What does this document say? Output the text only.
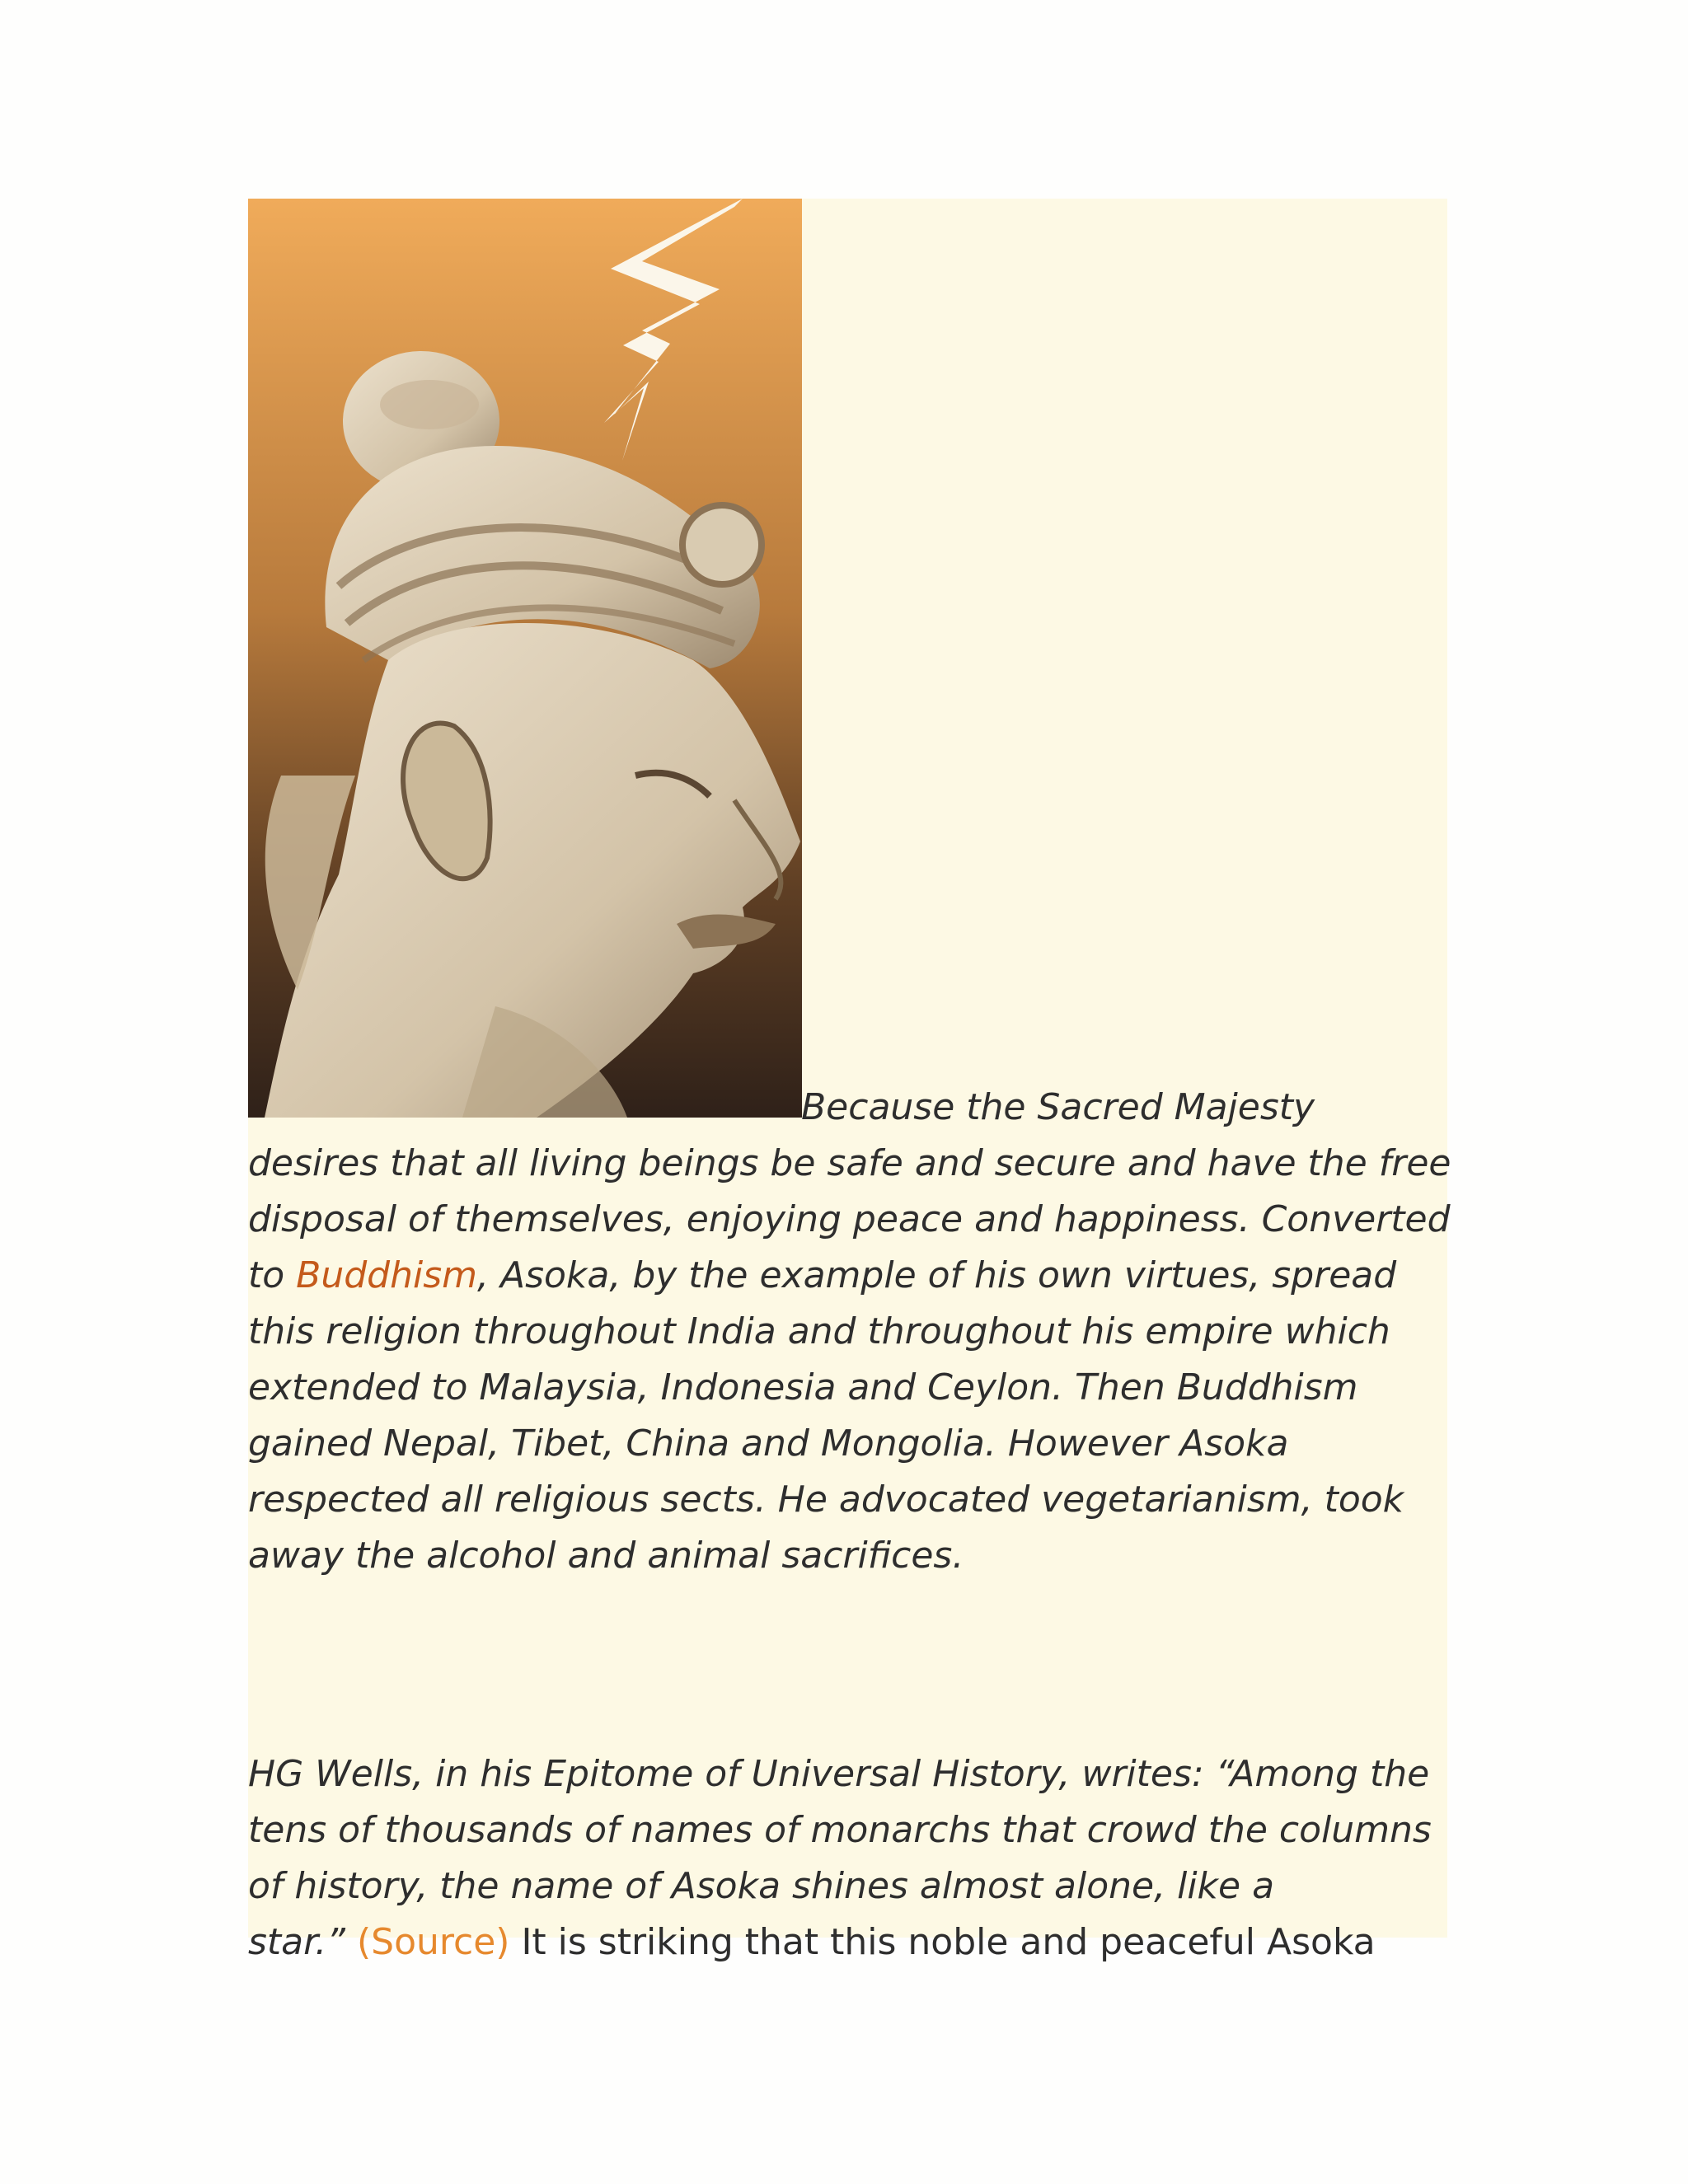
Because the Sacred Majesty
desires that all living beings be safe and secure and have the free
disposal of themselves, enjoying peace and happiness. Converted
to Buddhism, Asoka, by the example of his own virtues, spread
this religion throughout India and throughout his empire which
extended to Malaysia, Indonesia and Ceylon. Then Buddhism
gained Nepal, Tibet, China and Mongolia. However Asoka
respected all religious sects. He advocated vegetarianism, took
away the alcohol and animal sacrifices.
HG Wells, in his Epitome of Universal History, writes: “Among the
tens of thousands of names of monarchs that crowd the columns
of history, the name of Asoka shines almost alone, like a
star.” (Source) It is striking that this noble and peaceful Asoka
